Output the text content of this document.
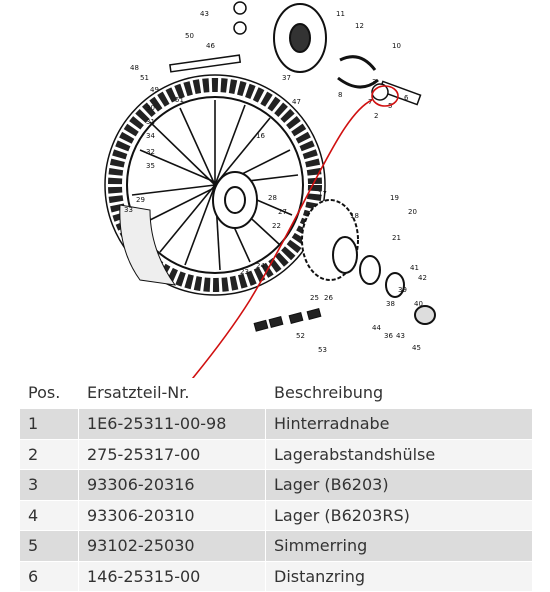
43
50
46
11
12
10
48
51
49
51
37
47
8
7
30
31
34
32
35
16
29
33
28
27
22
17
18
19
20
21
24
23
25 26
41
42
39
38	40
44
36 43
45
52
53
3
2
5
6
Pos.	Ersatzteil-Nr.	Beschreibung
1	1E6-25311-00-98	Hinterradnabe
2	275-25317-00	Lagerabstandshülse
3	93306-20316	Lager (B6203)
4	93306-20310	Lager (B6203RS)
5	93102-25030	Simmerring
6	146-25315-00	Distanzring
